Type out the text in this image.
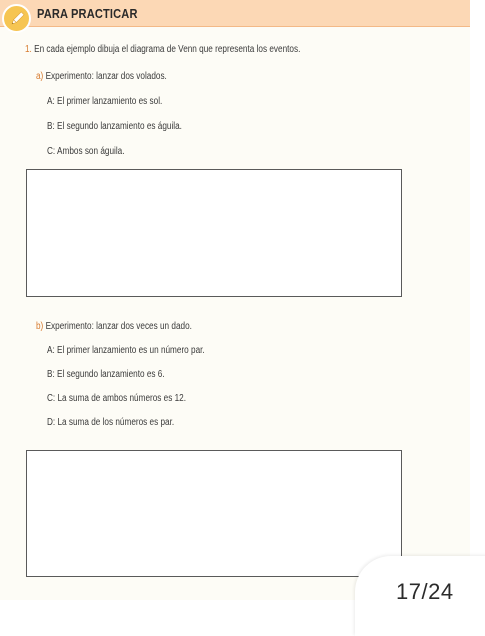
PARA PRACTICAR
1. En cada ejemplo dibuja el diagrama de Venn que representa los eventos.
a) Experimento: lanzar dos volados.
A: El primer lanzamiento es sol.
B: El segundo lanzamiento es águila.
C: Ambos son águila.
b) Experimento: lanzar dos veces un dado.
A: El primer lanzamiento es un número par.
B: El segundo lanzamiento es 6.
C: La suma de ambos números es 12.
D: La suma de los números es par.
17/24
